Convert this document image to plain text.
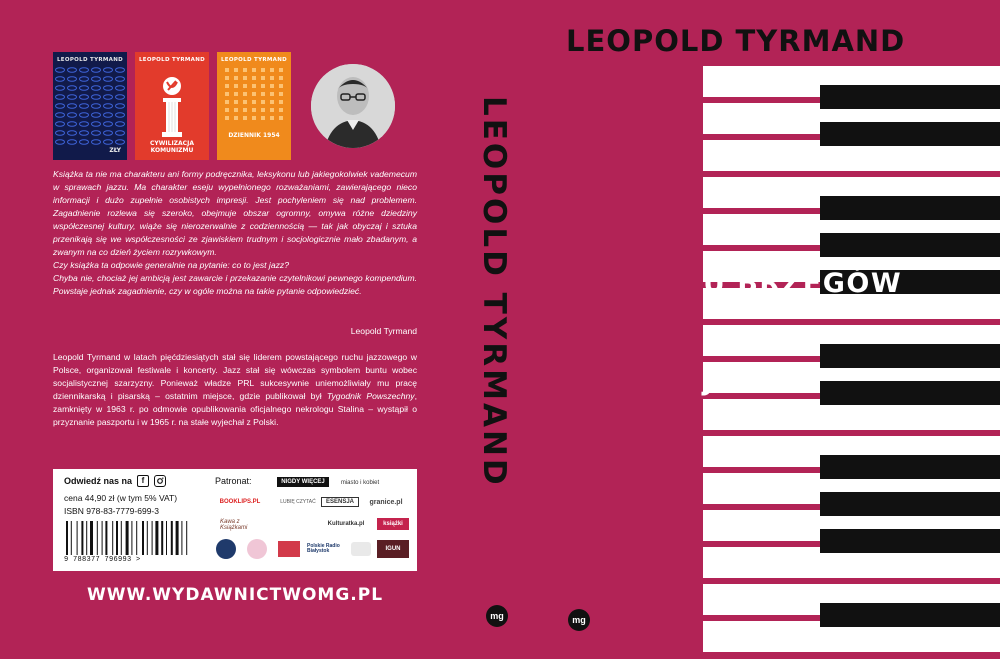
LEOPOLD TYRMAND
ZŁY
LEOPOLD TYRMAND
CYWILIZACJA KOMUNIZMU
LEOPOLD TYRMAND
DZIENNIK 1954

Książka ta nie ma charakteru ani formy podręcznika, leksykonu lub jakiegokolwiek vademecum w sprawach jazzu. Ma charakter eseju wypełnionego rozważaniami, zawierającego nieco informacji i dużo zupełnie osobistych impresji. Jest pochyleniem się nad problemem. Zagadnienie rozlewa się szeroko, obejmuje obszar ogromny, omywa różne dziedziny współczesnej kultury, wiąże się nierozerwalnie z codziennością — tak jak obyczaj i sztuka przenikają się we współczesności ze zjawiskiem trudnym i socjologicznie mało zbadanym, a zwanym na co dzień życiem rozrywkowym.

Czy książka ta odpowie generalnie na pytanie: co to jest jazz?

Chyba nie, chociaż jej ambicją jest zawarcie i przekazanie czytelnikowi pewnego kompendium. Powstaje jednak zagadnienie, czy w ogóle można na takie pytanie odpowiedzieć.

Leopold Tyrmand
Leopold Tyrmand w latach pięćdziesiątych stał się liderem powstającego ruchu jazzowego w Polsce, organizował festiwale i koncerty. Jazz stał się wówczas symbolem buntu wobec socjalistycznej szarzyzny. Ponieważ władze PRL sukcesywnie uniemożliwiały mu pracę dziennikarską i pisarską – ostatnim miejsce, gdzie publikował był Tygodnik Powszechny, zamknięty w 1963 r. po odmowie opublikowania oficjalnego nekrologu Stalina – wystąpił o przyznanie paszportu i w 1965 r. na stałe wyjechał z Polski.
Odwiedź nas na	f
cena 44,90 zł (w tym 5% VAT)
ISBN 978-83-7779-699-3
9 788377 796993 >
Patronat:	NIGDY WIĘCEJ	miasto i kobiet
BOOKLIPS.PL	LUBIĘ CZYTAĆ	ESENSJA	granice.pl
Kawa z Książkami
Kulturatka.pl	książki
Polskie Radio Białystok	IGUN
WWW.WYDAWNICTWOMG.PL
LEOPOLD TYRMAND
mg
LEOPOLD TYRMAND
U BRZEGÓW
JAZZU
mg
